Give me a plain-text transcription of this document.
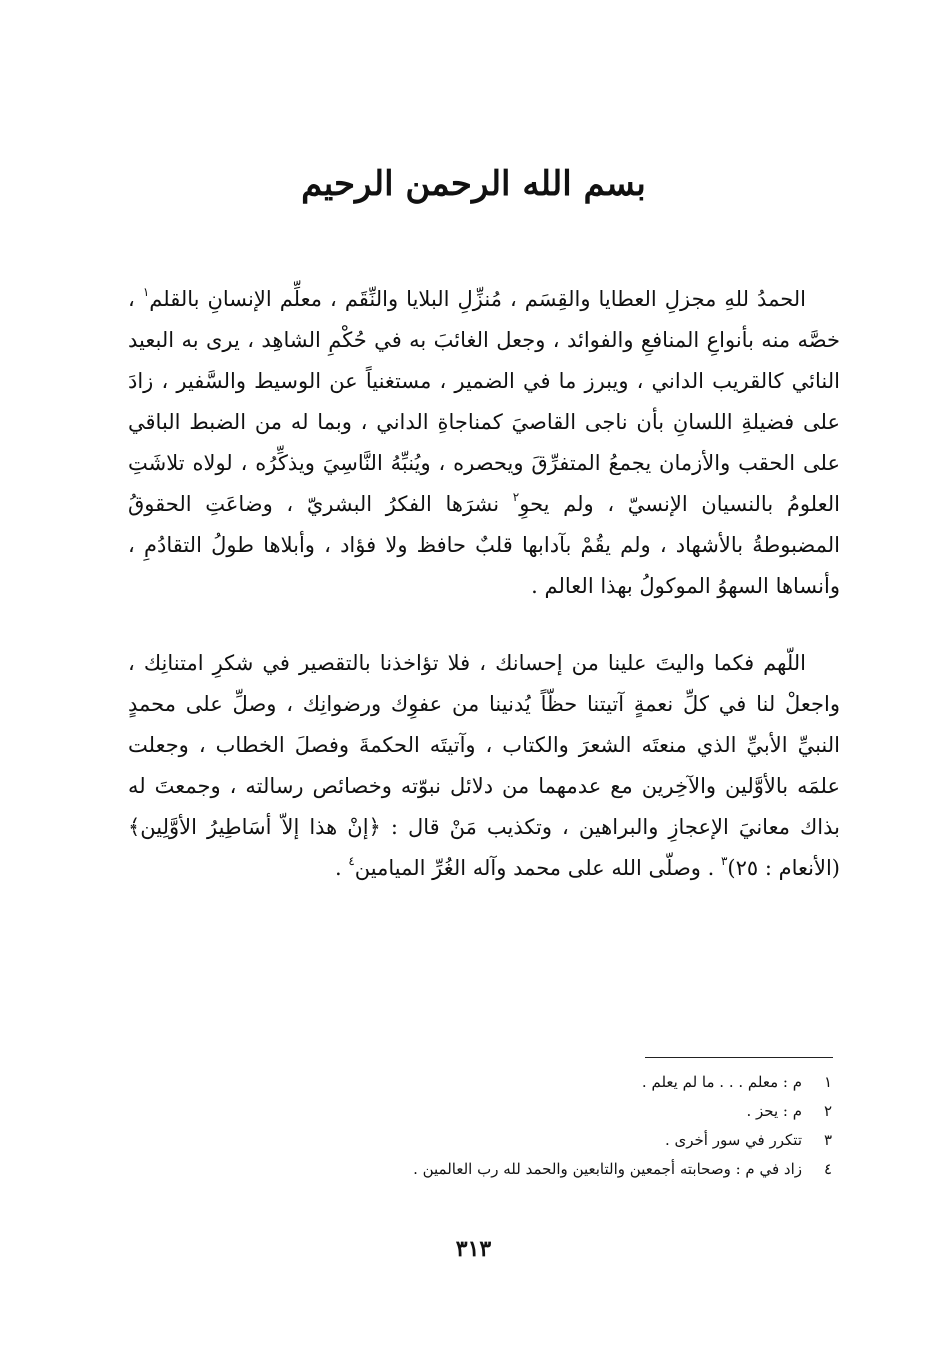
بسم الله الرحمن الرحيم

الحمدُ للهِ مجزلِ العطايا والقِسَم ، مُنزِّلِ البلايا والنِّقَم ، معلِّم الإنسانِ بالقلم$^١$ ، خصَّه منه بأنواعِ المنافعِ والفوائد ، وجعل الغائبَ به في حُكْمِ الشاهِد ، يرى به البعيد النائي كالقريب الداني ، ويبرز ما في الضمير ، مستغنياً عن الوسيط والسَّفير ، زادَ على فضيلةِ اللسانِ بأن ناجى القاصيَ كمناجاةِ الداني ، وبما له من الضبط الباقي على الحقب والأزمان يجمعُ المتفرِّقَ ويحصره ، ويُنبِّهُ النَّاسِيَ ويذكِّرُه ، لولاه تلاشَتِ العلومُ بالنسيان الإنسيّ ، ولم يحوِ$^٢$ نشرَها الفكرُ البشريّ ، وضاعَتِ الحقوقُ المضبوطةُ بالأشهاد ، ولم يقُمْ بآدابها قلبٌ حافظ ولا فؤاد ، وأبلاها طولُ التقادُمِ ، وأنساها السهوُ الموكولُ بهذا العالم .

اللّهم فكما واليتَ علينا من إحسانك ، فلا تؤاخذنا بالتقصير في شكرِ امتنانِك ، واجعلْ لنا في كلِّ نعمةٍ آتيتنا حظّاً يُدنينا من عفوِك ورضوانِك ، وصلِّ على محمدٍ النبيِّ الأبيِّ الذي منعتَه الشعرَ والكتاب ، وآتيتَه الحكمةَ وفصلَ الخطاب ، وجعلت علمَه بالأوَّلين والآخِرين مع عدمهما من دلائل نبوّته وخصائص رسالته ، وجمعتَ له بذاك معانيَ الإعجازِ والبراهين ، وتكذيب مَنْ قال : ﴿إنْ هذا إلاّ أسَاطِيرُ الأوَّلِين﴾ (الأنعام : ٢٥)$^٣$ . وصلّى الله على محمد وآله الغُرِّ الميامين$^٤$ .

١
م : معلم . . . ما لم يعلم .
٢
م : يحز .
٣
تتكرر في سور أخرى .
٤
زاد في م : وصحابته أجمعين والتابعين والحمد لله رب العالمين .
٣١٣
